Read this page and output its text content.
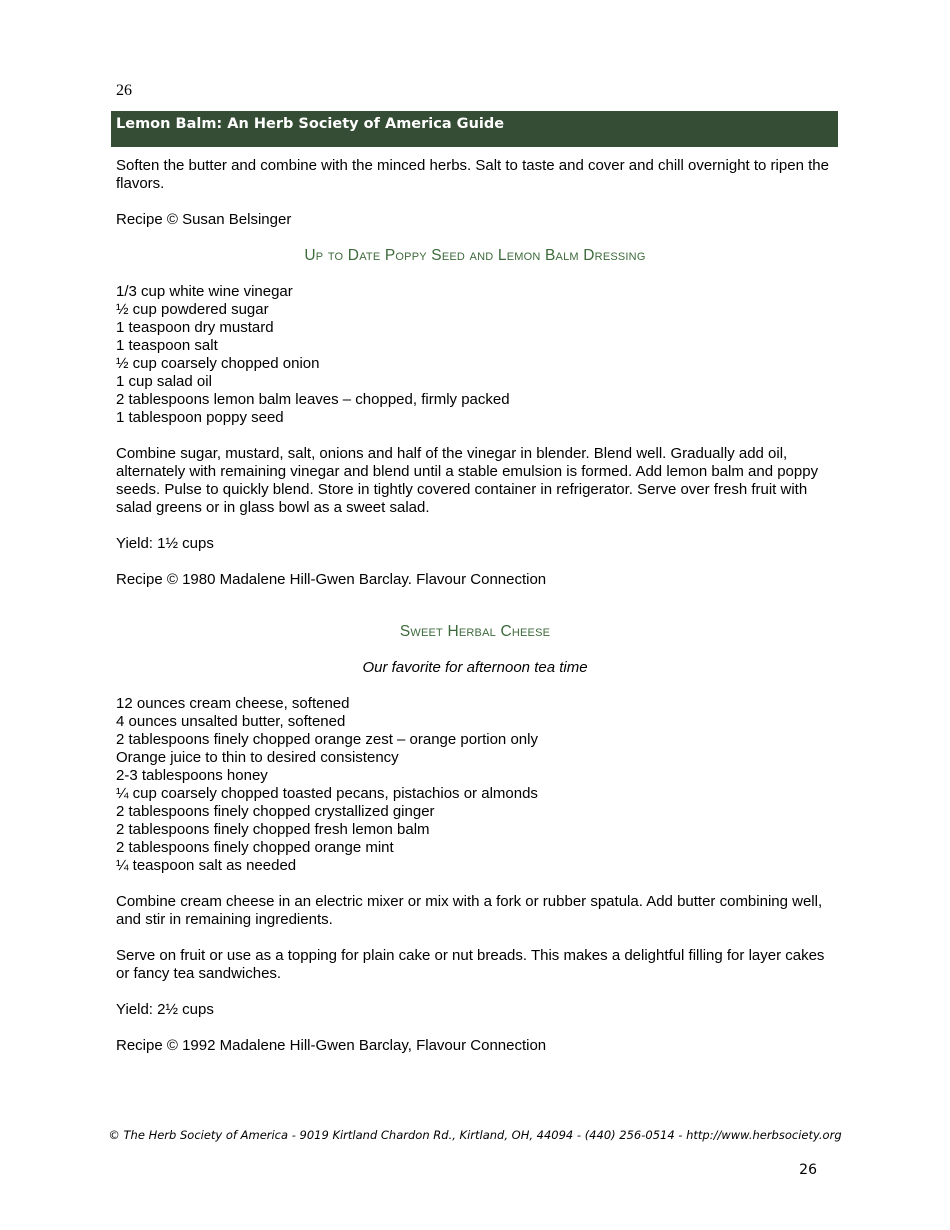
26
Lemon Balm: An Herb Society of America Guide

Soften the butter and combine with the minced herbs. Salt to taste and cover and chill overnight to ripen the flavors.

Recipe © Susan Belsinger

Up to Date Poppy Seed and Lemon Balm Dressing
1/3 cup white wine vinegar
½ cup powdered sugar
1 teaspoon dry mustard
1 teaspoon salt
½ cup coarsely chopped onion
1 cup salad oil
2 tablespoons lemon balm leaves – chopped, firmly packed
1 tablespoon poppy seed

Combine sugar, mustard, salt, onions and half of the vinegar in blender. Blend well. Gradually add oil, alternately with remaining vinegar and blend until a stable emulsion is formed. Add lemon balm and poppy seeds. Pulse to quickly blend. Store in tightly covered container in refrigerator. Serve over fresh fruit with salad greens or in glass bowl as a sweet salad.

Yield: 1½ cups

Recipe © 1980 Madalene Hill-Gwen Barclay. Flavour Connection

Sweet Herbal Cheese
Our favorite for afternoon tea time
12 ounces cream cheese, softened
4 ounces unsalted butter, softened
2 tablespoons finely chopped orange zest – orange portion only
Orange juice to thin to desired consistency
2-3 tablespoons honey
¼ cup coarsely chopped toasted pecans, pistachios or almonds
2 tablespoons finely chopped crystallized ginger
2 tablespoons finely chopped fresh lemon balm
2 tablespoons finely chopped orange mint
¼ teaspoon salt as needed

Combine cream cheese in an electric mixer or mix with a fork or rubber spatula. Add butter combining well, and stir in remaining ingredients.

Serve on fruit or use as a topping for plain cake or nut breads. This makes a delightful filling for layer cakes or fancy tea sandwiches.

Yield: 2½ cups

Recipe © 1992 Madalene Hill-Gwen Barclay, Flavour Connection

© The Herb Society of America - 9019 Kirtland Chardon Rd., Kirtland, OH, 44094 - (440) 256-0514 - http://www.herbsociety.org
26
